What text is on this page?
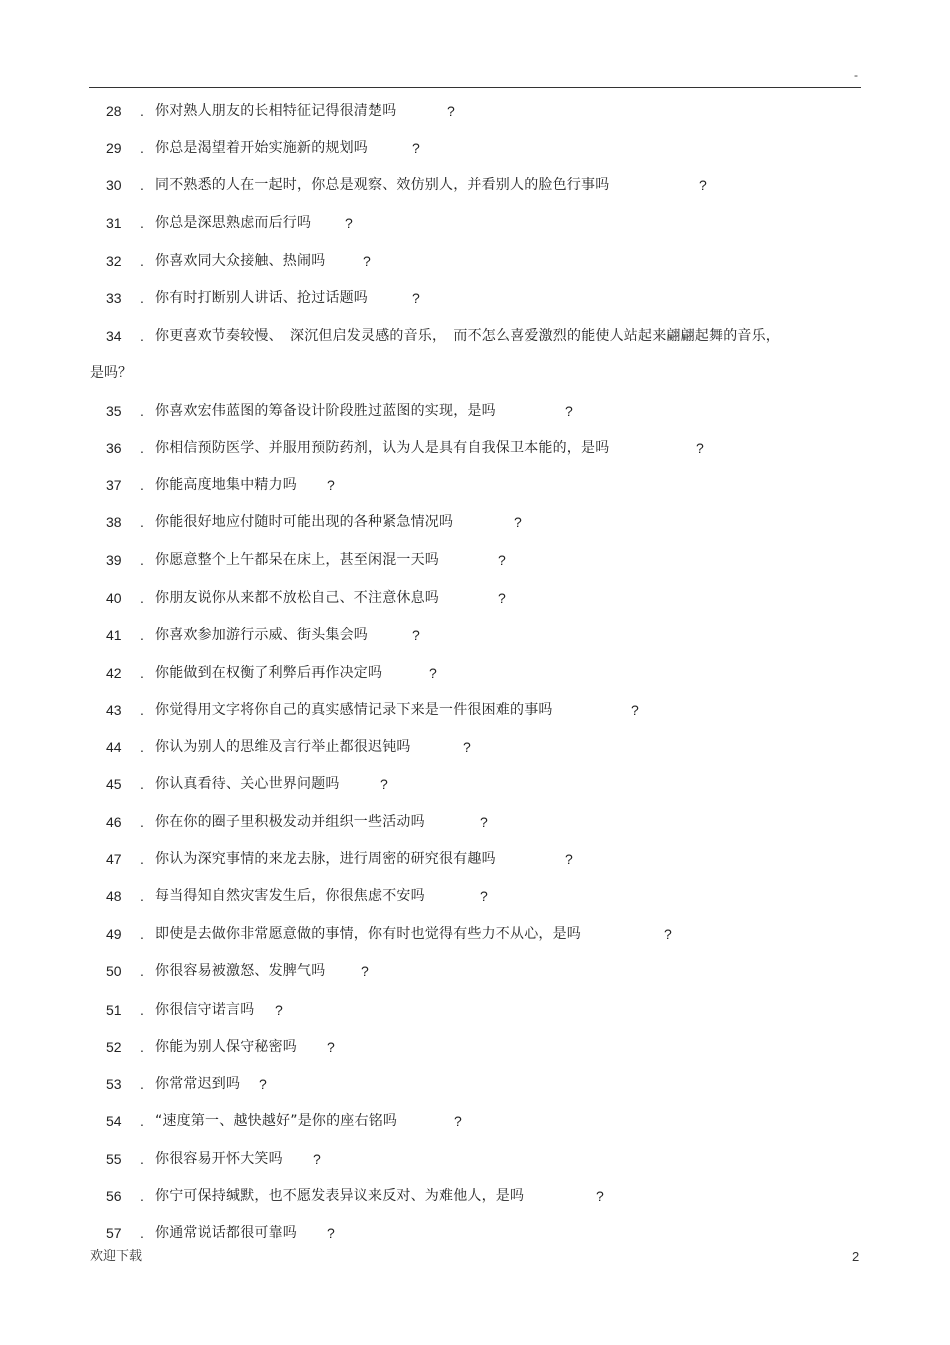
-
28	. 你对熟人朋友的长相特征记得很清楚吗	?
29	. 你总是渴望着开始实施新的规划吗	?
30	. 同不熟悉的人在一起时，你总是观察、效仿别人，并看别人的脸色行事吗	?
31	. 你总是深思熟虑而后行吗 ?
32	. 你喜欢同大众接触、热闹吗	?
33	. 你有时打断别人讲话、抢过话题吗	?
34	. 你更喜欢节奏较慢、　深沉但启发灵感的音乐，　而不怎么喜爱激烈的能使人站起来翩翩起舞的音乐，
是吗？
35	. 你喜欢宏伟蓝图的筹备设计阶段胜过蓝图的实现，是吗	?
36	. 你相信预防医学、并服用预防药剂，认为人是具有自我保卫本能的，是吗	?
37	. 你能高度地集中精力吗 ?
38	. 你能很好地应付随时可能出现的各种紧急情况吗	?
39	. 你愿意整个上午都呆在床上，甚至闲混一天吗	?
40	. 你朋友说你从来都不放松自己、不注意休息吗	?
41	. 你喜欢参加游行示威、街头集会吗	?
42	. 你能做到在权衡了利弊后再作决定吗	?
43	. 你觉得用文字将你自己的真实感情记录下来是一件很困难的事吗	?
44	. 你认为别人的思维及言行举止都很迟钝吗	?
45	. 你认真看待、关心世界问题吗	?
46	. 你在你的圈子里积极发动并组织一些活动吗	?
47	. 你认为深究事情的来龙去脉，进行周密的研究很有趣吗	?
48	. 每当得知自然灾害发生后，你很焦虑不安吗	?
49	. 即使是去做你非常愿意做的事情，你有时也觉得有些力不从心，是吗	?
50	. 你很容易被激怒、发脾气吗	?
51	. 你很信守诺言吗 ?
52	. 你能为别人保守秘密吗 ?
53	. 你常常迟到吗 ?
54	. “速度第一、越快越好”是你的座右铭吗	?
55	. 你很容易开怀大笑吗 ?
56	. 你宁可保持缄默，也不愿发表异议来反对、为难他人，是吗	?
57	. 你通常说话都很可靠吗 ?
欢迎下载	2
